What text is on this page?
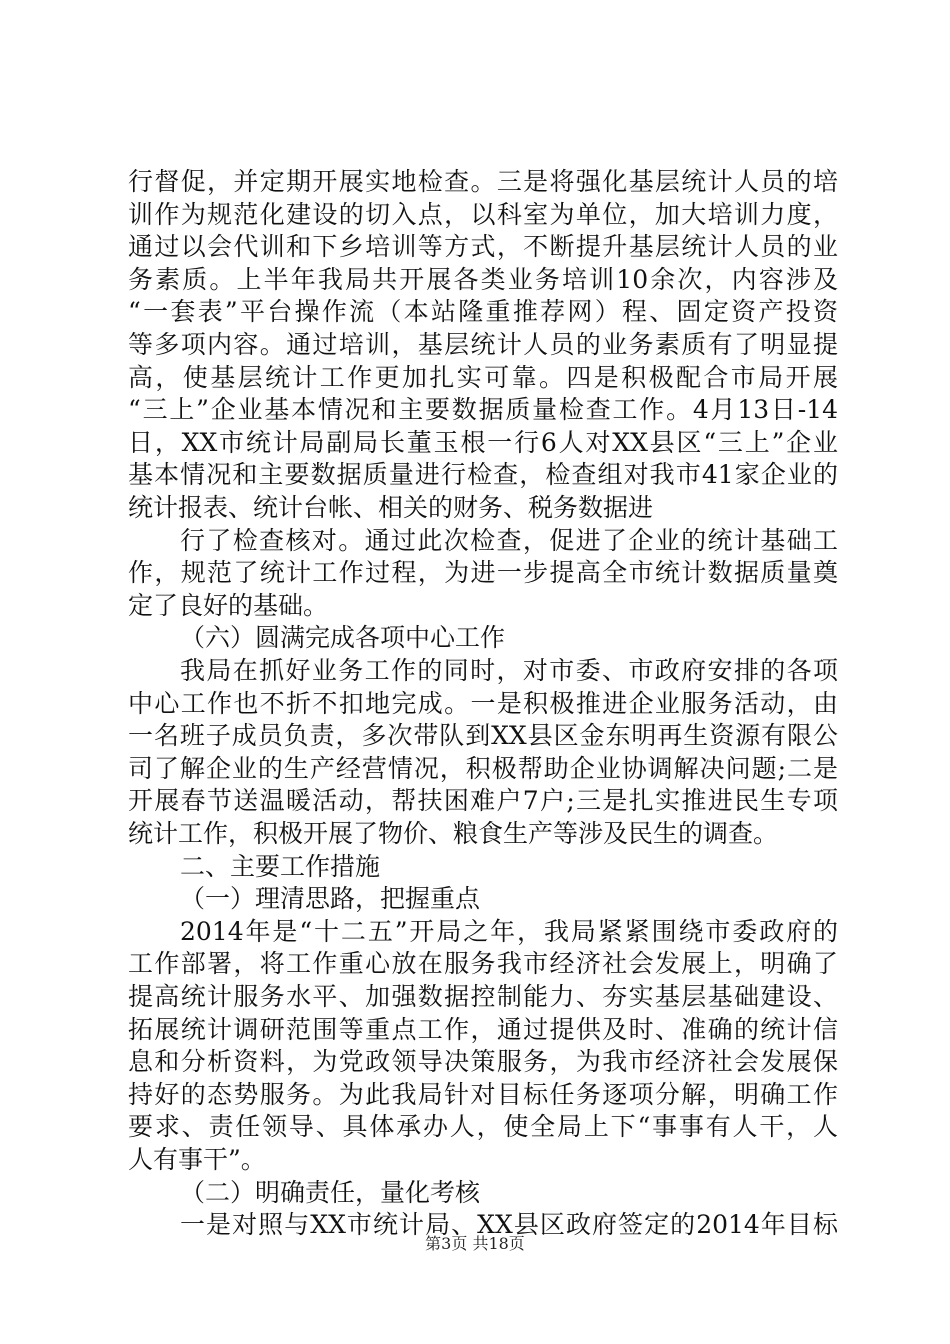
行督促，并定期开展实地检查。三是将强化基层统计人员的培
训作为规范化建设的切入点，以科室为单位，加大培训力度，
通过以会代训和下乡培训等方式，不断提升基层统计人员的业
务素质。上半年我局共开展各类业务培训10余次，内容涉及
“一套表”平台操作流（本站隆重推荐网）程、固定资产投资
等多项内容。通过培训，基层统计人员的业务素质有了明显提
高，使基层统计工作更加扎实可靠。四是积极配合市局开展
“三上”企业基本情况和主要数据质量检查工作。4月13日-14
日，XX市统计局副局长董玉根一行6人对XX县区“三上”企业
基本情况和主要数据质量进行检查，检查组对我市41家企业的
统计报表、统计台帐、相关的财务、税务数据进
行了检查核对。通过此次检查，促进了企业的统计基础工
作，规范了统计工作过程，为进一步提高全市统计数据质量奠
定了良好的基础。
（六）圆满完成各项中心工作
我局在抓好业务工作的同时，对市委、市政府安排的各项
中心工作也不折不扣地完成。一是积极推进企业服务活动，由
一名班子成员负责，多次带队到XX县区金东明再生资源有限公
司了解企业的生产经营情况，积极帮助企业协调解决问题;二是
开展春节送温暖活动，帮扶困难户7户;三是扎实推进民生专项
统计工作，积极开展了物价、粮食生产等涉及民生的调查。
二、主要工作措施
（一）理清思路，把握重点
2014年是“十二五”开局之年，我局紧紧围绕市委政府的
工作部署，将工作重心放在服务我市经济社会发展上，明确了
提高统计服务水平、加强数据控制能力、夯实基层基础建设、
拓展统计调研范围等重点工作，通过提供及时、准确的统计信
息和分析资料，为党政领导决策服务，为我市经济社会发展保
持好的态势服务。为此我局针对目标任务逐项分解，明确工作
要求、责任领导、具体承办人，使全局上下“事事有人干，人
人有事干”。
（二）明确责任，量化考核
一是对照与XX市统计局、XX县区政府签定的2014年目标
第3页 共18页
